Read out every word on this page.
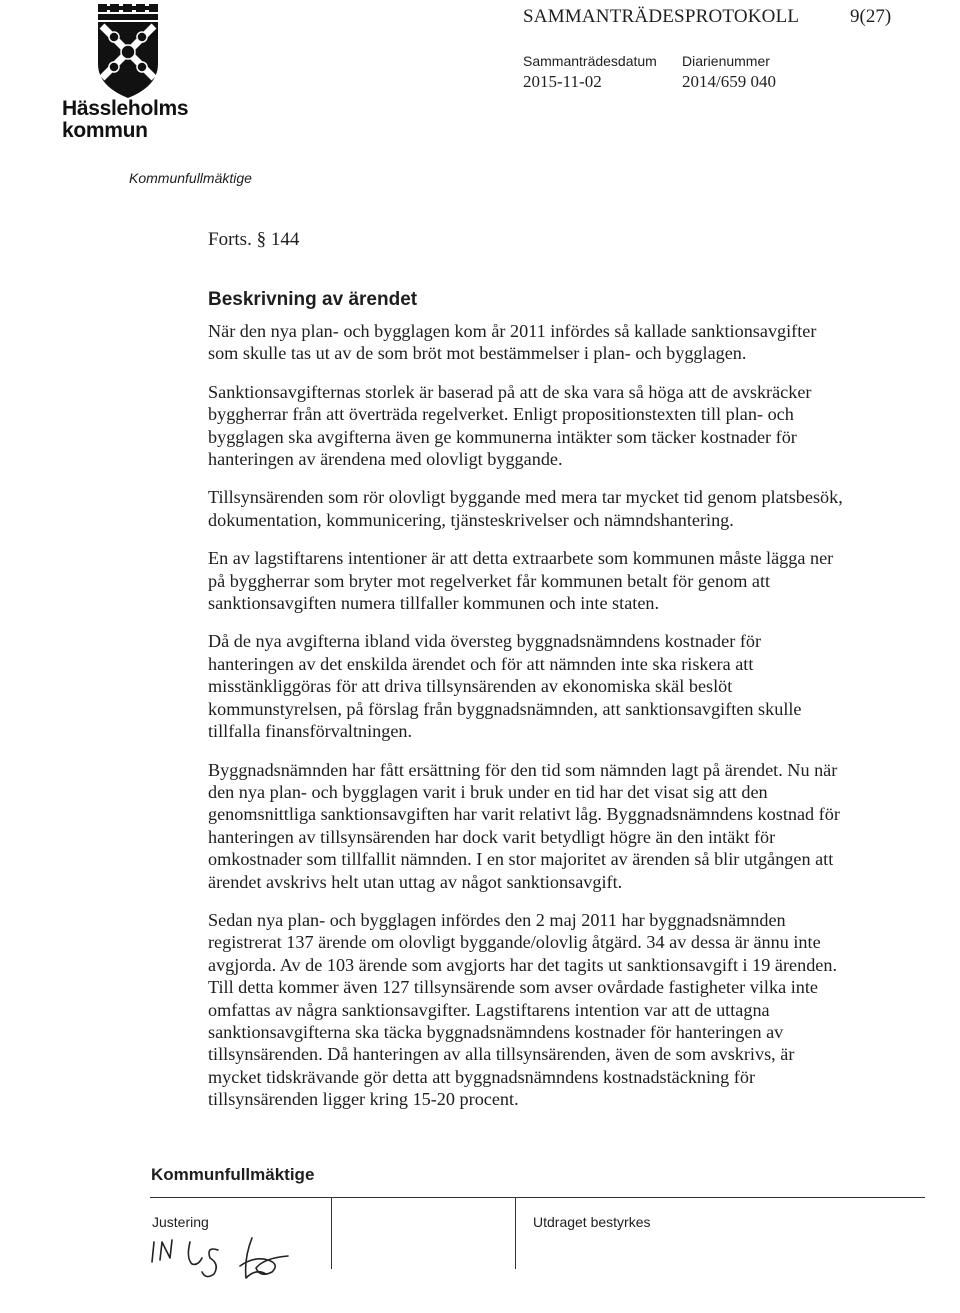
Hässleholms kommun
SAMMANTRÄDESPROTOKOLL	9(27)
Sammanträdesdatum
2015-11-02
Diarienummer
2014/659 040
Kommunfullmäktige
Forts. § 144
Beskrivning av ärendet

När den nya plan- och bygglagen kom år 2011 infördes så kallade sanktionsavgifter som skulle tas ut av de som bröt mot bestämmelser i plan- och bygglagen.

Sanktionsavgifternas storlek är baserad på att de ska vara så höga att de avskräcker byggherrar från att överträda regelverket. Enligt propositionstexten till plan- och bygglagen ska avgifterna även ge kommunerna intäkter som täcker kostnader för hanteringen av ärendena med olovligt byggande.

Tillsynsärenden som rör olovligt byggande med mera tar mycket tid genom platsbesök, dokumentation, kommunicering, tjänsteskrivelser och nämndshantering.

En av lagstiftarens intentioner är att detta extraarbete som kommunen måste lägga ner på byggherrar som bryter mot regelverket får kommunen betalt för genom att sanktionsavgiften numera tillfaller kommunen och inte staten.

Då de nya avgifterna ibland vida översteg byggnadsnämndens kostnader för hanteringen av det enskilda ärendet och för att nämnden inte ska riskera att misstänkliggöras för att driva tillsynsärenden av ekonomiska skäl beslöt kommunstyrelsen, på förslag från byggnadsnämnden, att sanktionsavgiften skulle tillfalla finansförvaltningen.

Byggnadsnämnden har fått ersättning för den tid som nämnden lagt på ärendet. Nu när den nya plan- och bygglagen varit i bruk under en tid har det visat sig att den genomsnittliga sanktionsavgiften har varit relativt låg. Byggnadsnämndens kostnad för hanteringen av tillsynsärenden har dock varit betydligt högre än den intäkt för omkostnader som tillfallit nämnden. I en stor majoritet av ärenden så blir utgången att ärendet avskrivs helt utan uttag av något sanktionsavgift.

Sedan nya plan- och bygglagen infördes den 2 maj 2011 har byggnadsnämnden registrerat 137 ärende om olovligt byggande/olovlig åtgärd. 34 av dessa är ännu inte avgjorda. Av de 103 ärende som avgjorts har det tagits ut sanktionsavgift i 19 ärenden. Till detta kommer även 127 tillsynsärende som avser ovårdade fastigheter vilka inte omfattas av några sanktionsavgifter. Lagstiftarens intention var att de uttagna sanktionsavgifterna ska täcka byggnadsnämndens kostnader för hanteringen av tillsynsärenden. Då hanteringen av alla tillsynsärenden, även de som avskrivs, är mycket tidskrävande gör detta att byggnadsnämndens kostnadstäckning för tillsynsärenden ligger kring 15-20 procent.

Kommunfullmäktige
Justering	Utdraget bestyrkes
